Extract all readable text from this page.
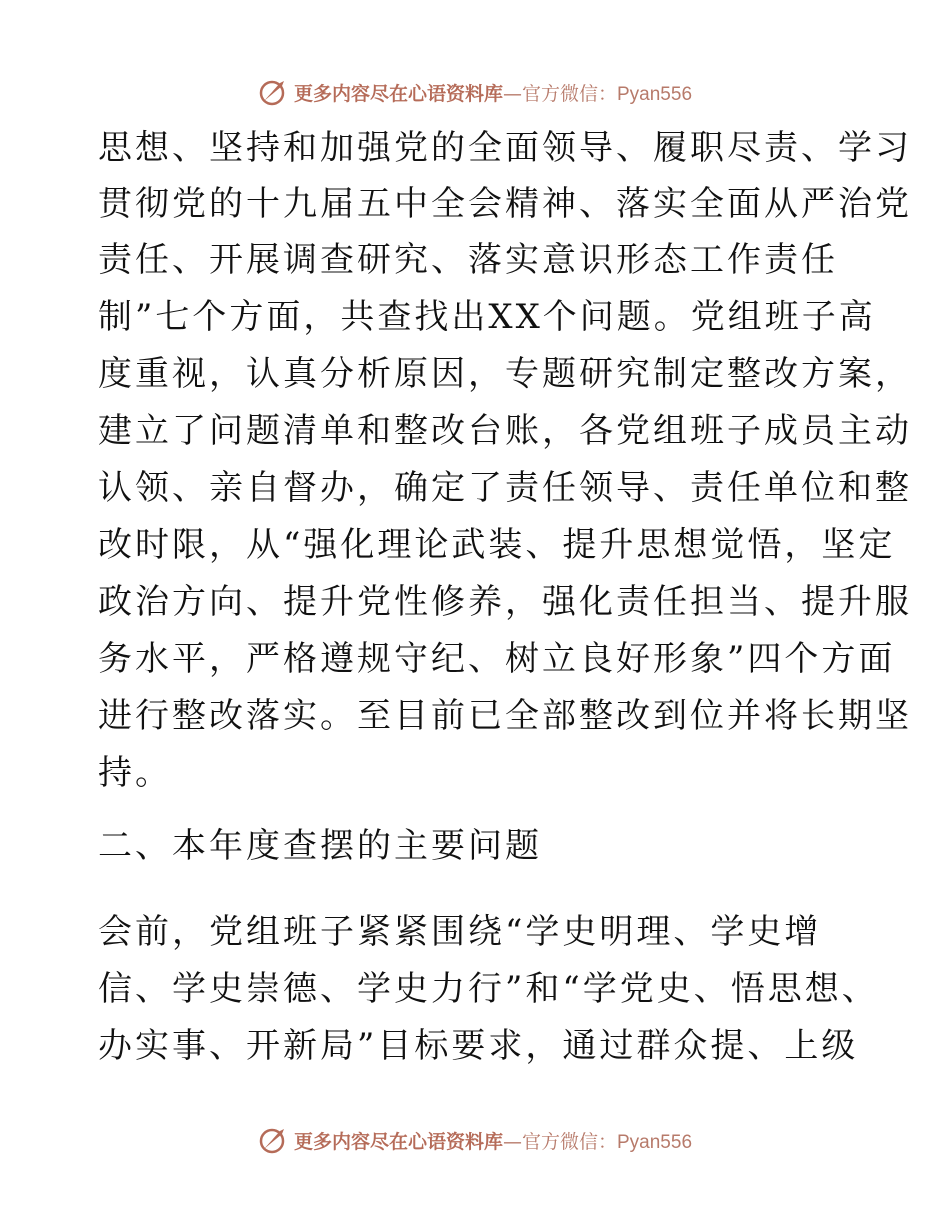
更多内容尽在心语资料库—官方微信：Pyan556
思想、坚持和加强党的全面领导、履职尽责、学习
贯彻党的十九届五中全会精神、落实全面从严治党
责任、开展调查研究、落实意识形态工作责任
制”七个方面，共查找出XX个问题。党组班子高
度重视，认真分析原因，专题研究制定整改方案，
建立了问题清单和整改台账，各党组班子成员主动
认领、亲自督办，确定了责任领导、责任单位和整
改时限，从“强化理论武装、提升思想觉悟，坚定
政治方向、提升党性修养，强化责任担当、提升服
务水平，严格遵规守纪、树立良好形象”四个方面
进行整改落实。至目前已全部整改到位并将长期坚
持。
二、本年度查摆的主要问题
会前，党组班子紧紧围绕“学史明理、学史增
信、学史崇德、学史力行”和“学党史、悟思想、
办实事、开新局”目标要求，通过群众提、上级
更多内容尽在心语资料库—官方微信：Pyan556
